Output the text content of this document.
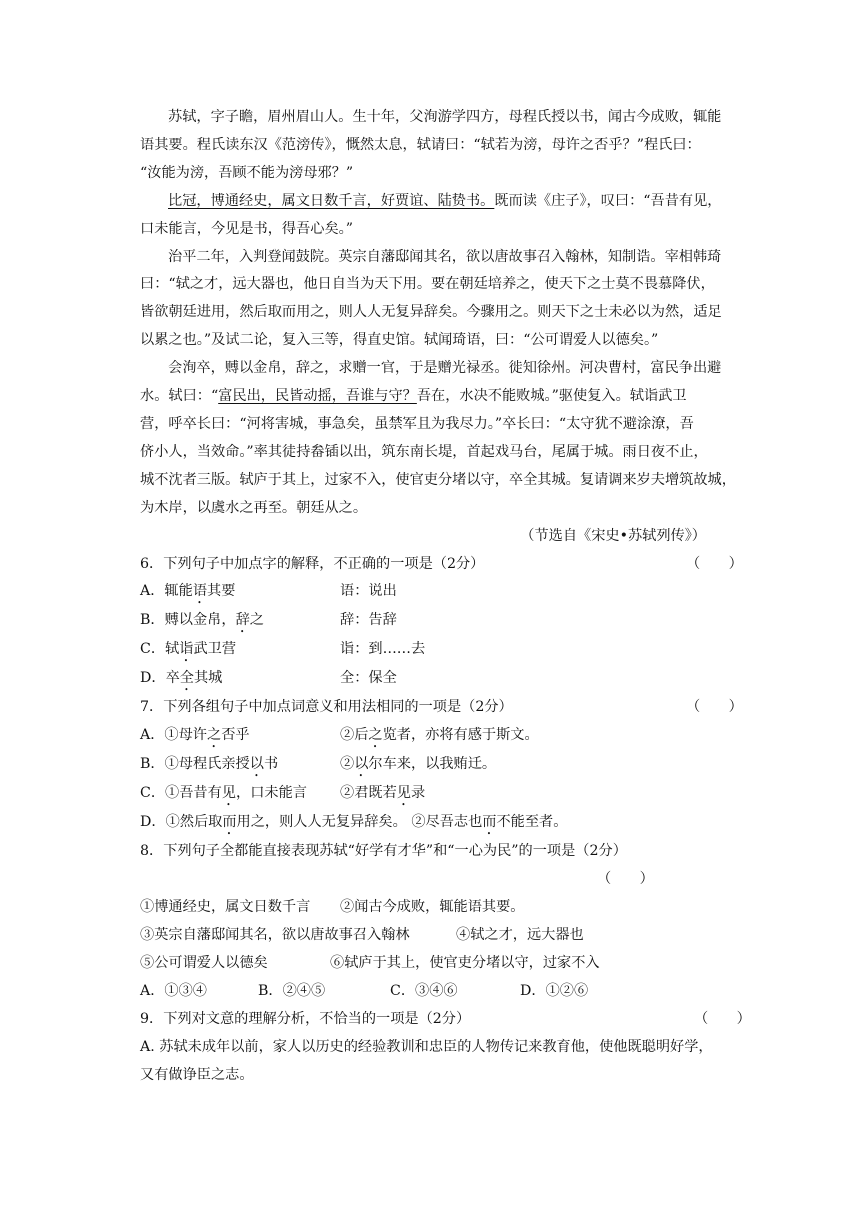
苏轼，字子瞻，眉州眉山人。生十年，父洵游学四方，母程氏授以书，闻古今成败，辄能
语其要。程氏读东汉《范滂传》，慨然太息，轼请曰：“轼若为滂，母许之否乎？”程氏曰：
“汝能为滂，吾顾不能为滂母邪？”
比冠，博通经史，属文日数千言，好贾谊、陆贽书。既而读《庄子》，叹曰：“吾昔有见，
口未能言，今见是书，得吾心矣。”
治平二年，入判登闻鼓院。英宗自藩邸闻其名，欲以唐故事召入翰林，知制诰。宰相韩琦
曰：“轼之才，远大器也，他日自当为天下用。要在朝廷培养之，使天下之士莫不畏慕降伏，
皆欲朝廷进用，然后取而用之，则人人无复异辞矣。今骤用之。则天下之士未必以为然，适足
以累之也。”及试二论，复入三等，得直史馆。轼闻琦语，曰：“公可谓爱人以德矣。”
会洵卒，赙以金帛，辞之，求赠一官，于是赠光禄丞。徙知徐州。河决曹村，富民争出避
水。轼曰：“富民出，民皆动摇，吾谁与守？吾在，水决不能败城。”驱使复入。轼诣武卫
营，呼卒长曰：“河将害城，事急矣，虽禁军且为我尽力。”卒长曰：“太守犹不避涂潦，吾
侪小人，当效命。”率其徒持畚锸以出，筑东南长堤，首起戏马台，尾属于城。雨日夜不止，
城不沈者三版。轼庐于其上，过家不入，使官吏分堵以守，卒全其城。复请调来岁夫增筑故城，
为木岸，以虞水之再至。朝廷从之。
（节选自《宋史•苏轼列传》）
6．下列句子中加点字的解释，不正确的一项是（2分）	（　　）
A．辄能语其要	语：说出
B．赙以金帛，辞之	辞：告辞
C．轼诣武卫营	诣：到……去
D．卒全其城	全：保全
7．下列各组句子中加点词意义和用法相同的一项是（2分）	（　　）
A．①母许之否乎	②后之览者，亦将有感于斯文。
B．①母程氏亲授以书	②以尔车来，以我贿迁。
C．①吾昔有见，口未能言	②君既若见录
D．①然后取而用之，则人人无复异辞矣。 ②尽吾志也而不能至者。
8．下列句子全都能直接表现苏轼“好学有才华”和“一心为民”的一项是（2分）
（　　）
①博通经史，属文日数千言	②闻古今成败，辄能语其要。
③英宗自藩邸闻其名，欲以唐故事召入翰林	④轼之才，远大器也
⑤公可谓爱人以德矣	⑥轼庐于其上，使官吏分堵以守，过家不入
A．①③④	B．②④⑤	C．③④⑥	D．①②⑥
9．下列对文意的理解分析，不恰当的一项是（2分）	（　　）
A. 苏轼未成年以前，家人以历史的经验教训和忠臣的人物传记来教育他，使他既聪明好学，
又有做诤臣之志。
